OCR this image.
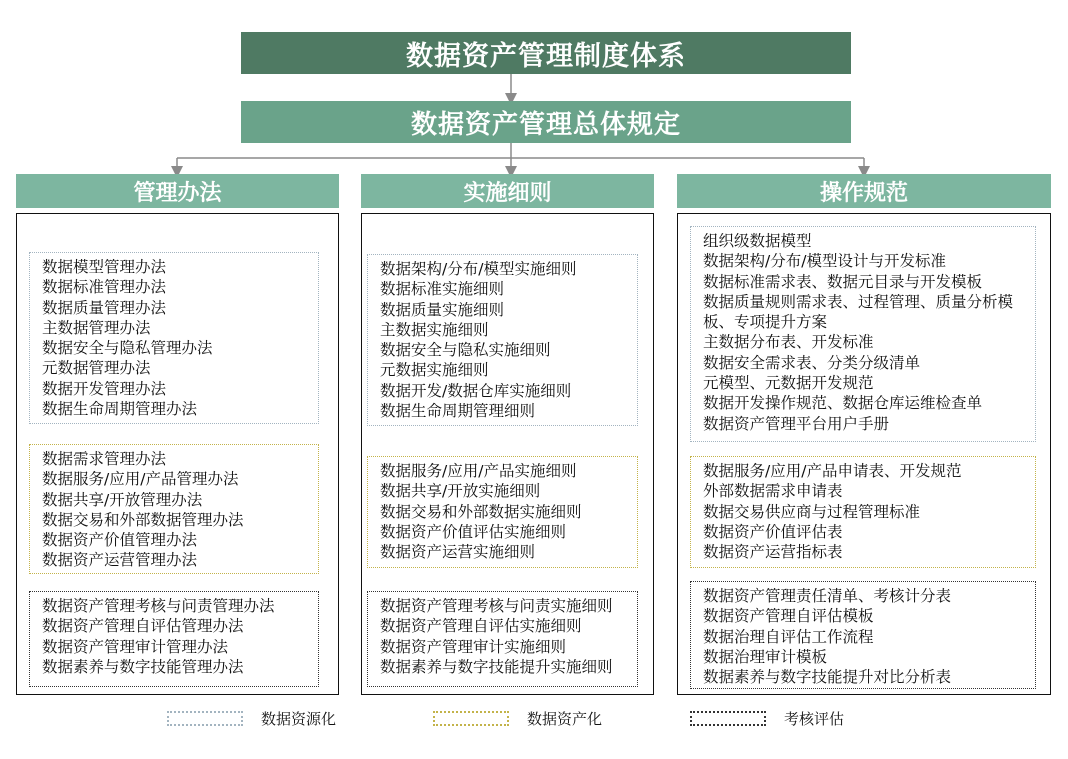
数据资产管理制度体系
数据资产管理总体规定
管理办法	实施细则	操作规范
数据模型管理办法
数据标准管理办法
数据质量管理办法
主数据管理办法
数据安全与隐私管理办法
元数据管理办法
数据开发管理办法
数据生命周期管理办法
数据需求管理办法
数据服务/应用/产品管理办法
数据共享/开放管理办法
数据交易和外部数据管理办法
数据资产价值管理办法
数据资产运营管理办法
数据资产管理考核与问责管理办法
数据资产管理自评估管理办法
数据资产管理审计管理办法
数据素养与数字技能管理办法
数据架构/分布/模型实施细则
数据标准实施细则
数据质量实施细则
主数据实施细则
数据安全与隐私实施细则
元数据实施细则
数据开发/数据仓库实施细则
数据生命周期管理细则
数据服务/应用/产品实施细则
数据共享/开放实施细则
数据交易和外部数据实施细则
数据资产价值评估实施细则
数据资产运营实施细则
数据资产管理考核与问责实施细则
数据资产管理自评估实施细则
数据资产管理审计实施细则
数据素养与数字技能提升实施细则
组织级数据模型
数据架构/分布/模型设计与开发标准
数据标准需求表、数据元目录与开发模板
数据质量规则需求表、过程管理、质量分析模板、专项提升方案
主数据分布表、开发标准
数据安全需求表、分类分级清单
元模型、元数据开发规范
数据开发操作规范、数据仓库运维检查单
数据资产管理平台用户手册
数据服务/应用/产品申请表、开发规范
外部数据需求申请表
数据交易供应商与过程管理标准
数据资产价值评估表
数据资产运营指标表
数据资产管理责任清单、考核计分表
数据资产管理自评估模板
数据治理自评估工作流程
数据治理审计模板
数据素养与数字技能提升对比分析表
数据资源化	数据资产化	考核评估
